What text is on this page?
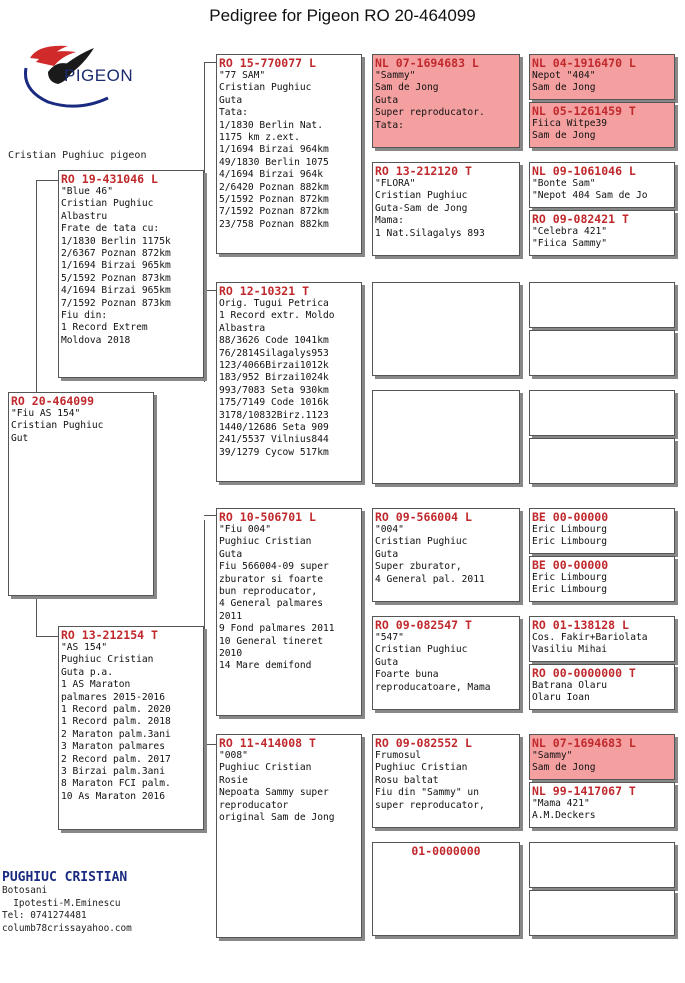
Pedigree for Pigeon RO 20-464099
PIGEON
Cristian Pughiuc pigeon
RO 20-464099
"Fiu AS 154"
Cristian Pughiuc
Gut
RO 19-431046 L
"Blue 46"
Cristian Pughiuc
Albastru
Frate de tata cu:
1/1830 Berlin 1175k
2/6367 Poznan 872km
1/1694 Birzai 965km
5/1592 Poznan 873km
4/1694 Birzai 965km
7/1592 Poznan 873km
Fiu din:
1 Record Extrem
Moldova 2018
RO 13-212154 T
"AS 154"
Pughiuc Cristian
Guta p.a.
1 AS Maraton
palmares 2015-2016
1 Record palm. 2020
1 Record palm. 2018
2 Maraton palm.3ani
3 Maraton palmares
2 Record palm. 2017
3 Birzai palm.3ani
8 Maraton FCI palm.
10 As Maraton 2016
RO 15-770077 L
"77 SAM"
Cristian Pughiuc
Guta
Tata:
1/1830 Berlin Nat.
1175 km z.ext.
1/1694 Birzai 964km
49/1830 Berlin 1075
4/1694 Birzai 964k
2/6420 Poznan 882km
5/1592 Poznan 872km
7/1592 Poznan 872km
23/758 Poznan 882km
RO 12-10321 T
Orig. Tugui Petrica
1 Record extr. Moldo
Albastra
88/3626 Code 1041km
76/2814Silagalys953
123/4066Birzai1012k
183/952 Birzai1024k
993/7083 Seta 930km
175/7149 Code 1016k
3178/10832Birz.1123
1440/12686 Seta 909
241/5537 Vilnius844
39/1279 Cycow 517km
RO 10-506701 L
"Fiu 004"
Pughiuc Cristian
Guta
Fiu 566004-09 super
zburator si foarte
bun reproducator,
4 General palmares
2011
9 Fond palmares 2011
10 General tineret
2010
14 Mare demifond
RO 11-414008 T
"008"
Pughiuc Cristian
Rosie
Nepoata Sammy super
reproducator
original Sam de Jong
NL 07-1694683 L
"Sammy"
Sam de Jong
Guta
Super reproducator.
Tata:
RO 13-212120 T
"FLORA"
Cristian Pughiuc
Guta-Sam de Jong
Mama:
1 Nat.Silagalys 893
RO 09-566004 L
"004"
Cristian Pughiuc
Guta
Super zburator,
4 General pal. 2011
RO 09-082547 T
"547"
Cristian Pughiuc
Guta
Foarte buna
reproducatoare, Mama
RO 09-082552 L
Frumosul
Pughiuc Cristian
Rosu baltat
Fiu din "Sammy" un
super reproducator,
01-0000000
NL 04-1916470 L
Nepot "404"
Sam de Jong
NL 05-1261459 T
Fiica Witpe39
Sam de Jong
NL 09-1061046 L
"Bonte Sam"
"Nepot 404 Sam de Jo
RO 09-082421 T
"Celebra 421"
"Fiica Sammy"
BE 00-00000
Eric Limbourg
Eric Limbourg
BE 00-00000
Eric Limbourg
Eric Limbourg
RO 01-138128 L
Cos. Fakir+Bariolata
Vasiliu Mihai
RO 00-0000000 T
Batrana Olaru
Olaru Ioan
NL 07-1694683 L
"Sammy"
Sam de Jong
NL 99-1417067 T
"Mama 421"
A.M.Deckers
PUGHIUC CRISTIAN
Botosani
Ipotesti-M.Eminescu
Tel: 0741274481
columb78crissayahoo.com
